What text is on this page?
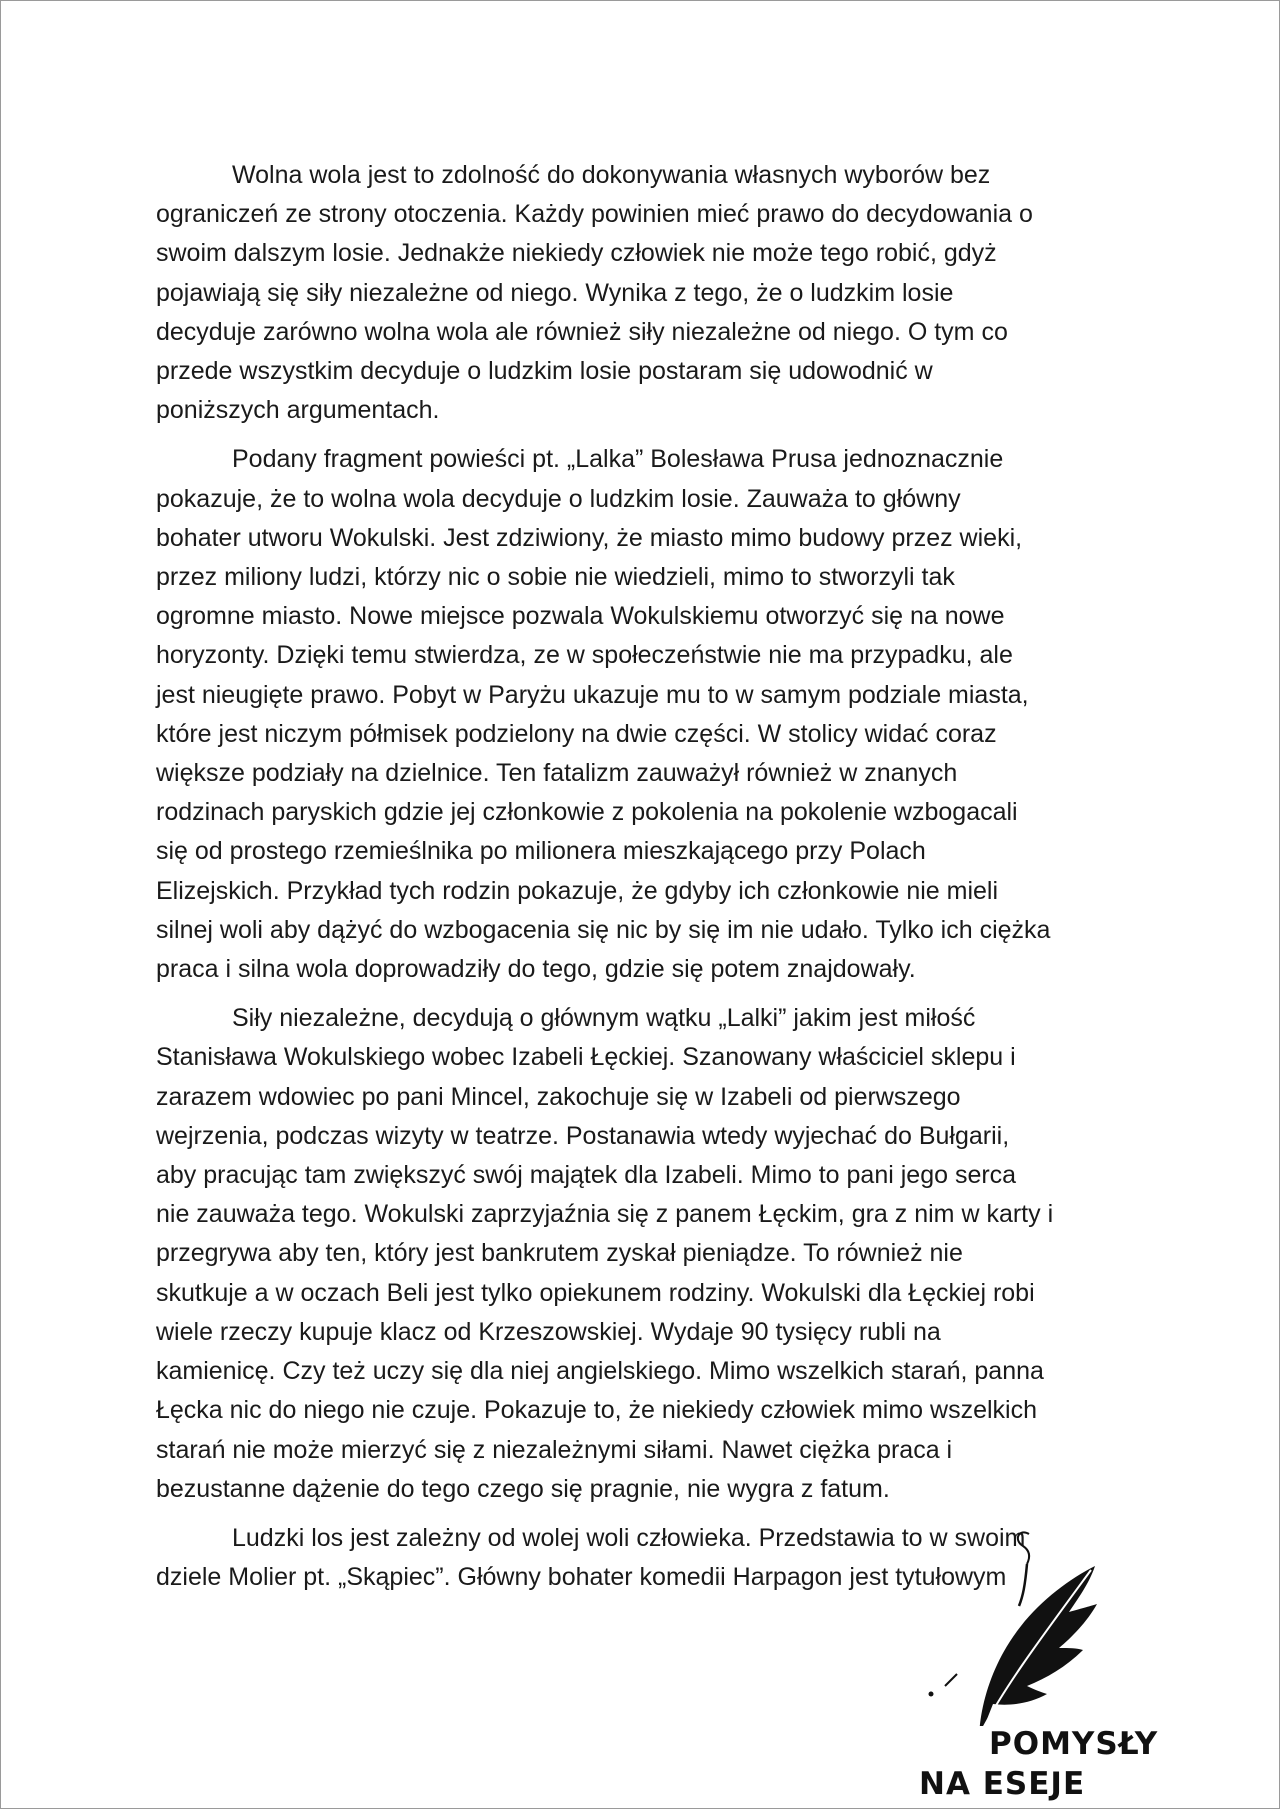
Wolna wola jest to zdolność do dokonywania własnych wyborów bez
ograniczeń ze strony otoczenia. Każdy powinien mieć prawo do decydowania o
swoim dalszym losie. Jednakże niekiedy człowiek nie może tego robić, gdyż
pojawiają się siły niezależne od niego. Wynika z tego, że o ludzkim losie
decyduje zarówno wolna wola ale również siły niezależne od niego. O tym co
przede wszystkim decyduje o ludzkim losie postaram się udowodnić w
poniższych argumentach.

Podany fragment powieści pt. „Lalka” Bolesława Prusa jednoznacznie
pokazuje, że to wolna wola decyduje o ludzkim losie. Zauważa to główny
bohater utworu Wokulski. Jest zdziwiony, że miasto mimo budowy przez wieki,
przez miliony ludzi, którzy nic o sobie nie wiedzieli, mimo to stworzyli tak
ogromne miasto. Nowe miejsce pozwala Wokulskiemu otworzyć się na nowe
horyzonty. Dzięki temu stwierdza, ze w społeczeństwie nie ma przypadku, ale
jest nieugięte prawo. Pobyt w Paryżu ukazuje mu to w samym podziale miasta,
które jest niczym półmisek podzielony na dwie części. W stolicy widać coraz
większe podziały na dzielnice. Ten fatalizm zauważył również w znanych
rodzinach paryskich gdzie jej członkowie z pokolenia na pokolenie wzbogacali
się od prostego rzemieślnika po milionera mieszkającego przy Polach
Elizejskich. Przykład tych rodzin pokazuje, że gdyby ich członkowie nie mieli
silnej woli aby dążyć do wzbogacenia się nic by się im nie udało. Tylko ich ciężka
praca i silna wola doprowadziły do tego, gdzie się potem znajdowały.

Siły niezależne, decydują o głównym wątku „Lalki” jakim jest miłość
Stanisława Wokulskiego wobec Izabeli Łęckiej. Szanowany właściciel sklepu i
zarazem wdowiec po pani Mincel, zakochuje się w Izabeli od pierwszego
wejrzenia, podczas wizyty w teatrze. Postanawia wtedy wyjechać do Bułgarii,
aby pracując tam zwiększyć swój majątek dla Izabeli. Mimo to pani jego serca
nie zauważa tego. Wokulski zaprzyjaźnia się z panem Łęckim, gra z nim w karty i
przegrywa aby ten, który jest bankrutem zyskał pieniądze. To również nie
skutkuje a w oczach Beli jest tylko opiekunem rodziny. Wokulski dla Łęckiej robi
wiele rzeczy kupuje klacz od Krzeszowskiej. Wydaje 90 tysięcy rubli na
kamienicę. Czy też uczy się dla niej angielskiego. Mimo wszelkich starań, panna
Łęcka nic do niego nie czuje. Pokazuje to, że niekiedy człowiek mimo wszelkich
starań nie może mierzyć się z niezależnymi siłami. Nawet ciężka praca i
bezustanne dążenie do tego czego się pragnie, nie wygra z fatum.

Ludzki los jest zależny od wolej woli człowieka. Przedstawia to w swoim
dziele Molier pt. „Skąpiec”. Główny bohater komedii Harpagon jest tytułowym

POMYSŁY
NA ESEJE
